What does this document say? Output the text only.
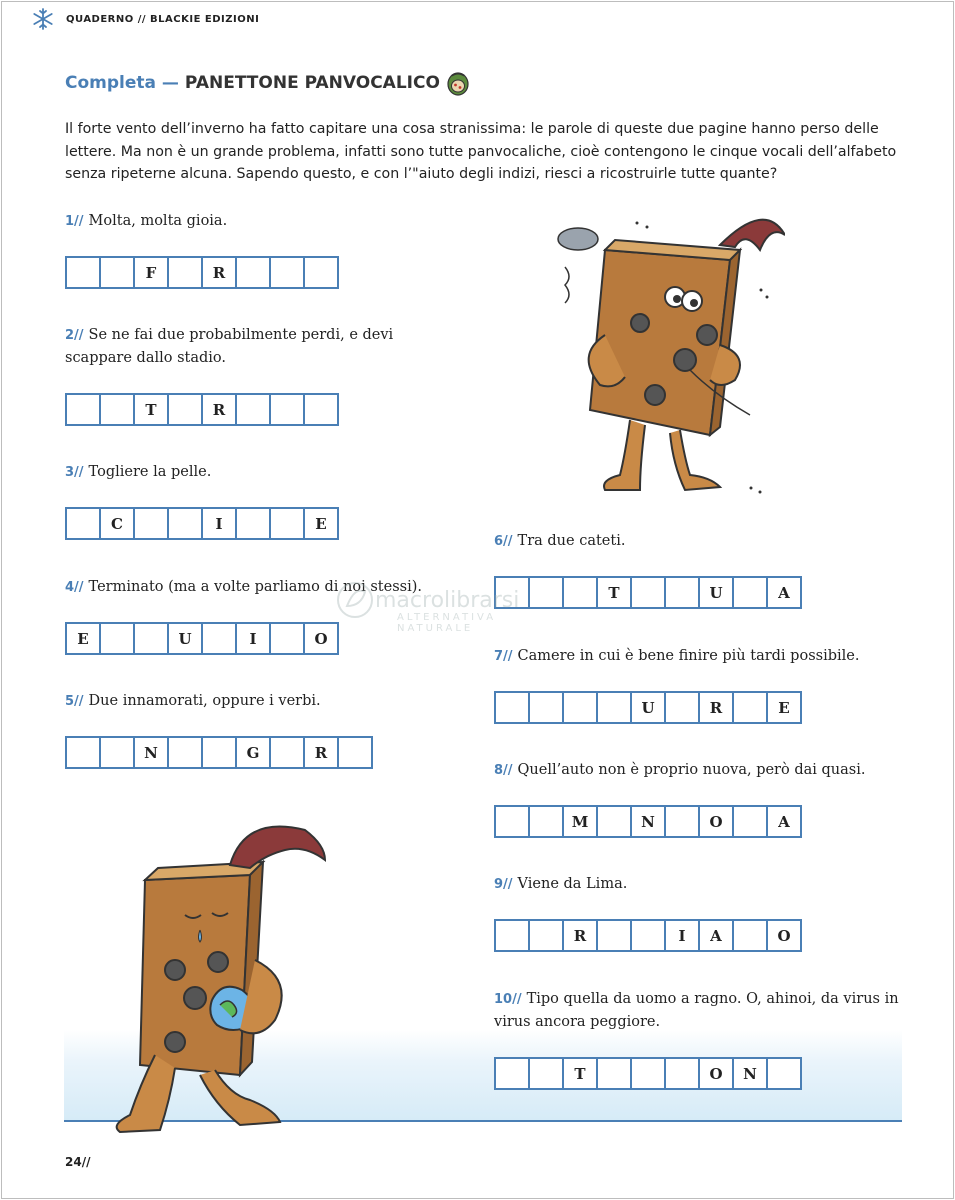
QUADERNO // BLACKIE EDIZIONI
Completa — PANETTONE PANVOCALICO
Il forte vento dell’inverno ha fatto capitare una cosa stranissima: le parole di queste due pagine hanno perso delle lettere. Ma non è un grande problema, infatti sono tutte panvocaliche, cioè contengono le cinque vocali dell’alfabeto senza ripeterne alcuna. Sapendo questo, e con l’"aiuto degli indizi, riesci a ricostruirle tutte quante?
1// Molta, molta gioia.
F	R
2// Se ne fai due probabilmente perdi, e devi scappare dallo stadio.
T	R
3// Togliere la pelle.
C	I	E
4// Terminato (ma a volte parliamo di noi stessi).
E	U	I	O
5// Due innamorati, oppure i verbi.
N	G	R
6// Tra due cateti.
T	U	A
7// Camere in cui è bene finire più tardi possibile.
U	R	E
8// Quell’auto non è proprio nuova, però dai quasi.
M	N	O	A
9// Viene da Lima.
R	I	A	O
10// Tipo quella da uomo a ragno. O, ahinoi, da virus in virus ancora peggiore.
T	O	N
macrolibrarsi
ALTERNATIVA NATURALE
24//
